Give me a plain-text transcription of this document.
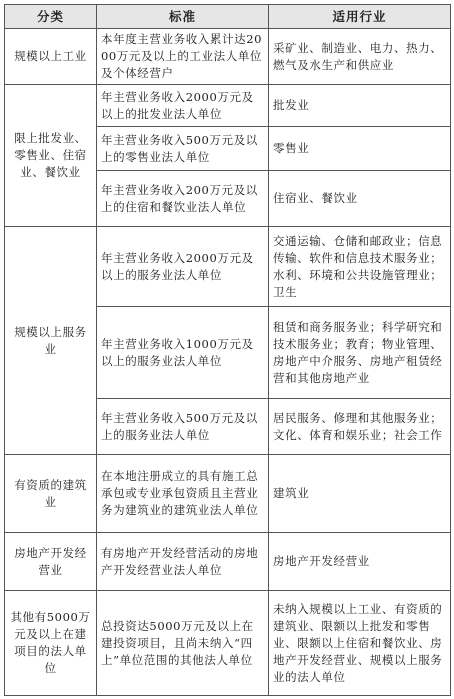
分类	标准	适用行业
规模以上工业	本年度主营业务收入累计达2000万元及以上的工业法人单位及个体经营户	采矿业、制造业、电力、热力、燃气及水生产和供应业
限上批发业、零售业、住宿业、餐饮业	年主营业务收入2000万元及以上的批发业法人单位	批发业
	年主营业务收入500万元及以上的零售业法人单位	零售业
	年主营业务收入200万元及以上的住宿和餐饮业法人单位	住宿业、餐饮业
规模以上服务业	年主营业务收入2000万元及以上的服务业法人单位	交通运输、仓储和邮政业；信息传输、软件和信息技术服务业；水利、环境和公共设施管理业；卫生
	年主营业务收入1000万元及以上的服务业法人单位	租赁和商务服务业；科学研究和技术服务业；教育；物业管理、房地产中介服务、房地产租赁经营和其他房地产业
	年主营业务收入500万元及以上的服务业法人单位	居民服务、修理和其他服务业；文化、体育和娱乐业；社会工作
有资质的建筑业	在本地注册成立的具有施工总承包或专业承包资质且主营业务为建筑业的建筑业法人单位	建筑业
房地产开发经营业	有房地产开发经营活动的房地产开发经营业法人单位	房地产开发经营业
其他有5000万元及以上在建项目的法人单位	总投资达5000万元及以上在建投资项目，且尚未纳入“四上”单位范围的其他法人单位	未纳入规模以上工业、有资质的建筑业、限额以上批发和零售业、限额以上住宿和餐饮业、房地产开发经营业、规模以上服务业的法人单位
